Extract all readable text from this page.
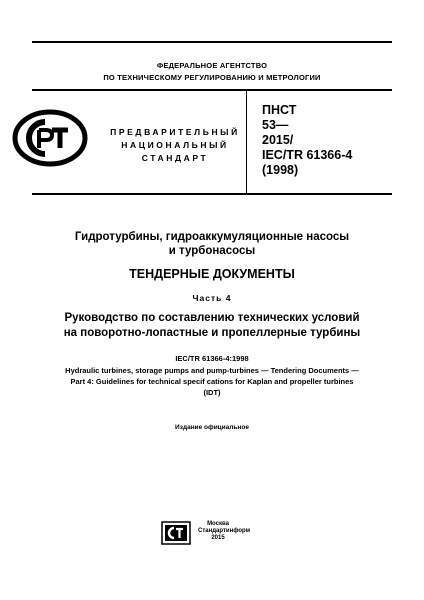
ФЕДЕРАЛЬНОЕ АГЕНТСТВО
ПО ТЕХНИЧЕСКОМУ РЕГУЛИРОВАНИЮ И МЕТРОЛОГИИ
ПРЕДВАРИТЕЛЬНЫЙ
НАЦИОНАЛЬНЫЙ
СТАНДАРТ
ПНСТ
53—
2015/
IEC/TR 61366-4
(1998)
Гидротурбины, гидроаккумуляционные насосы
и турбонасосы
ТЕНДЕРНЫЕ ДОКУМЕНТЫ
Часть 4
Руководство по составлению технических условий
на поворотно-лопастные и пропеллерные турбины
IEC/TR 61366-4:1998
Hydraulic turbines, storage pumps and pump-turbines — Tendering Documents —
Part 4: Guidelines for technical specif cations for Kaplan and propeller turbines
(IDT)
Издание официальное
Москва
Стандартинформ
2015
